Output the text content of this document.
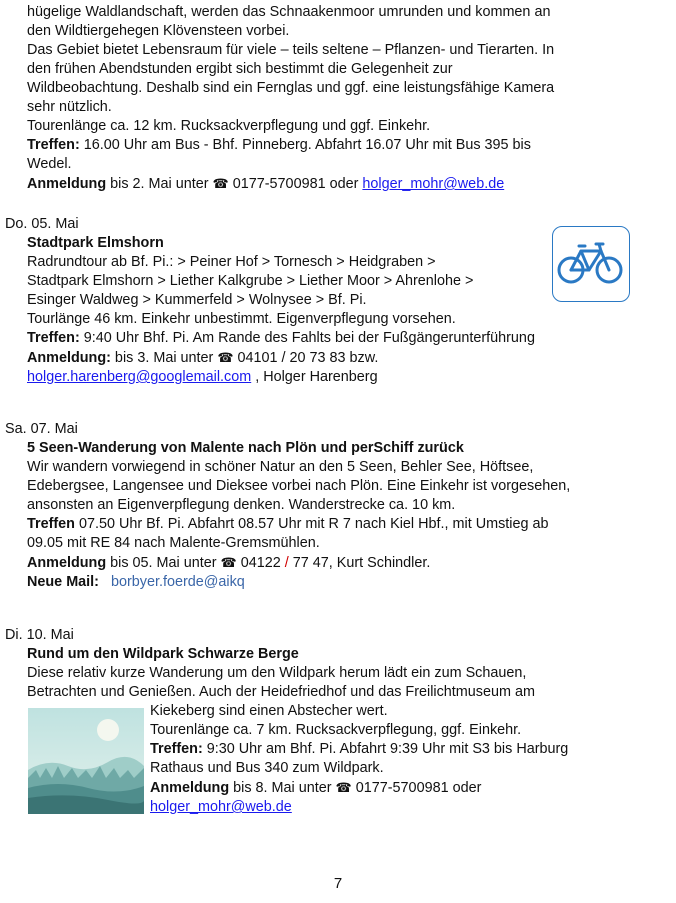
hügelige Waldlandschaft, werden das Schnaakenmoor umrunden und kommen an
den Wildtiergehegen Klövensteen vorbei.
Das Gebiet bietet Lebensraum für viele – teils seltene – Pflanzen- und Tierarten. In
den frühen Abendstunden ergibt sich bestimmt die Gelegenheit zur
Wildbeobachtung. Deshalb sind ein Fernglas und ggf. eine leistungsfähige Kamera
sehr nützlich.
Tourenlänge ca. 12 km. Rucksackverpflegung und ggf. Einkehr.
Treffen: 16.00 Uhr am Bus - Bhf. Pinneberg. Abfahrt 16.07 Uhr mit Bus 395 bis
Wedel.
Anmeldung bis 2. Mai unter ☎ 0177-5700981 oder holger_mohr@web.de
Do. 05. Mai
Stadtpark Elmshorn
Radrundtour ab Bf. Pi.: > Peiner Hof > Tornesch > Heidgraben >
Stadtpark Elmshorn > Liether Kalkgrube > Liether Moor > Ahrenlohe >
Esinger Waldweg > Kummerfeld > Wolnysee > Bf. Pi.
Tourlänge 46 km. Einkehr unbestimmt. Eigenverpflegung vorsehen.
Treffen: 9:40 Uhr Bhf. Pi. Am Rande des Fahlts bei der Fußgängerunterführung
Anmeldung: bis 3. Mai unter ☎ 04101 / 20 73 83 bzw.
holger.harenberg@googlemail.com , Holger Harenberg
Sa. 07. Mai
5 Seen-Wanderung von Malente nach Plön und perSchiff zurück
Wir wandern vorwiegend in schöner Natur an den 5 Seen, Behler See, Höftsee,
Edebergsee, Langensee und Dieksee vorbei nach Plön. Eine Einkehr ist vorgesehen,
ansonsten an Eigenverpflegung denken. Wanderstrecke ca. 10 km.
Treffen 07.50 Uhr Bf. Pi. Abfahrt 08.57 Uhr mit R 7 nach Kiel Hbf., mit Umstieg ab
09.05 mit RE 84 nach Malente-Gremsmühlen.
Anmeldung bis 05. Mai unter ☎ 04122 / 77 47, Kurt Schindler.
Neue Mail: borbyer.foerde@aikq
Di. 10. Mai
Rund um den Wildpark Schwarze Berge
Diese relativ kurze Wanderung um den Wildpark herum lädt ein zum Schauen,
Betrachten und Genießen. Auch der Heidefriedhof und das Freilichtmuseum am
Kiekeberg sind einen Abstecher wert.
Tourenlänge ca. 7 km. Rucksackverpflegung, ggf. Einkehr.
Treffen: 9:30 Uhr am Bhf. Pi. Abfahrt 9:39 Uhr mit S3 bis Harburg
Rathaus und Bus 340 zum Wildpark.
Anmeldung bis 8. Mai unter ☎ 0177-5700981 oder
holger_mohr@web.de
7
